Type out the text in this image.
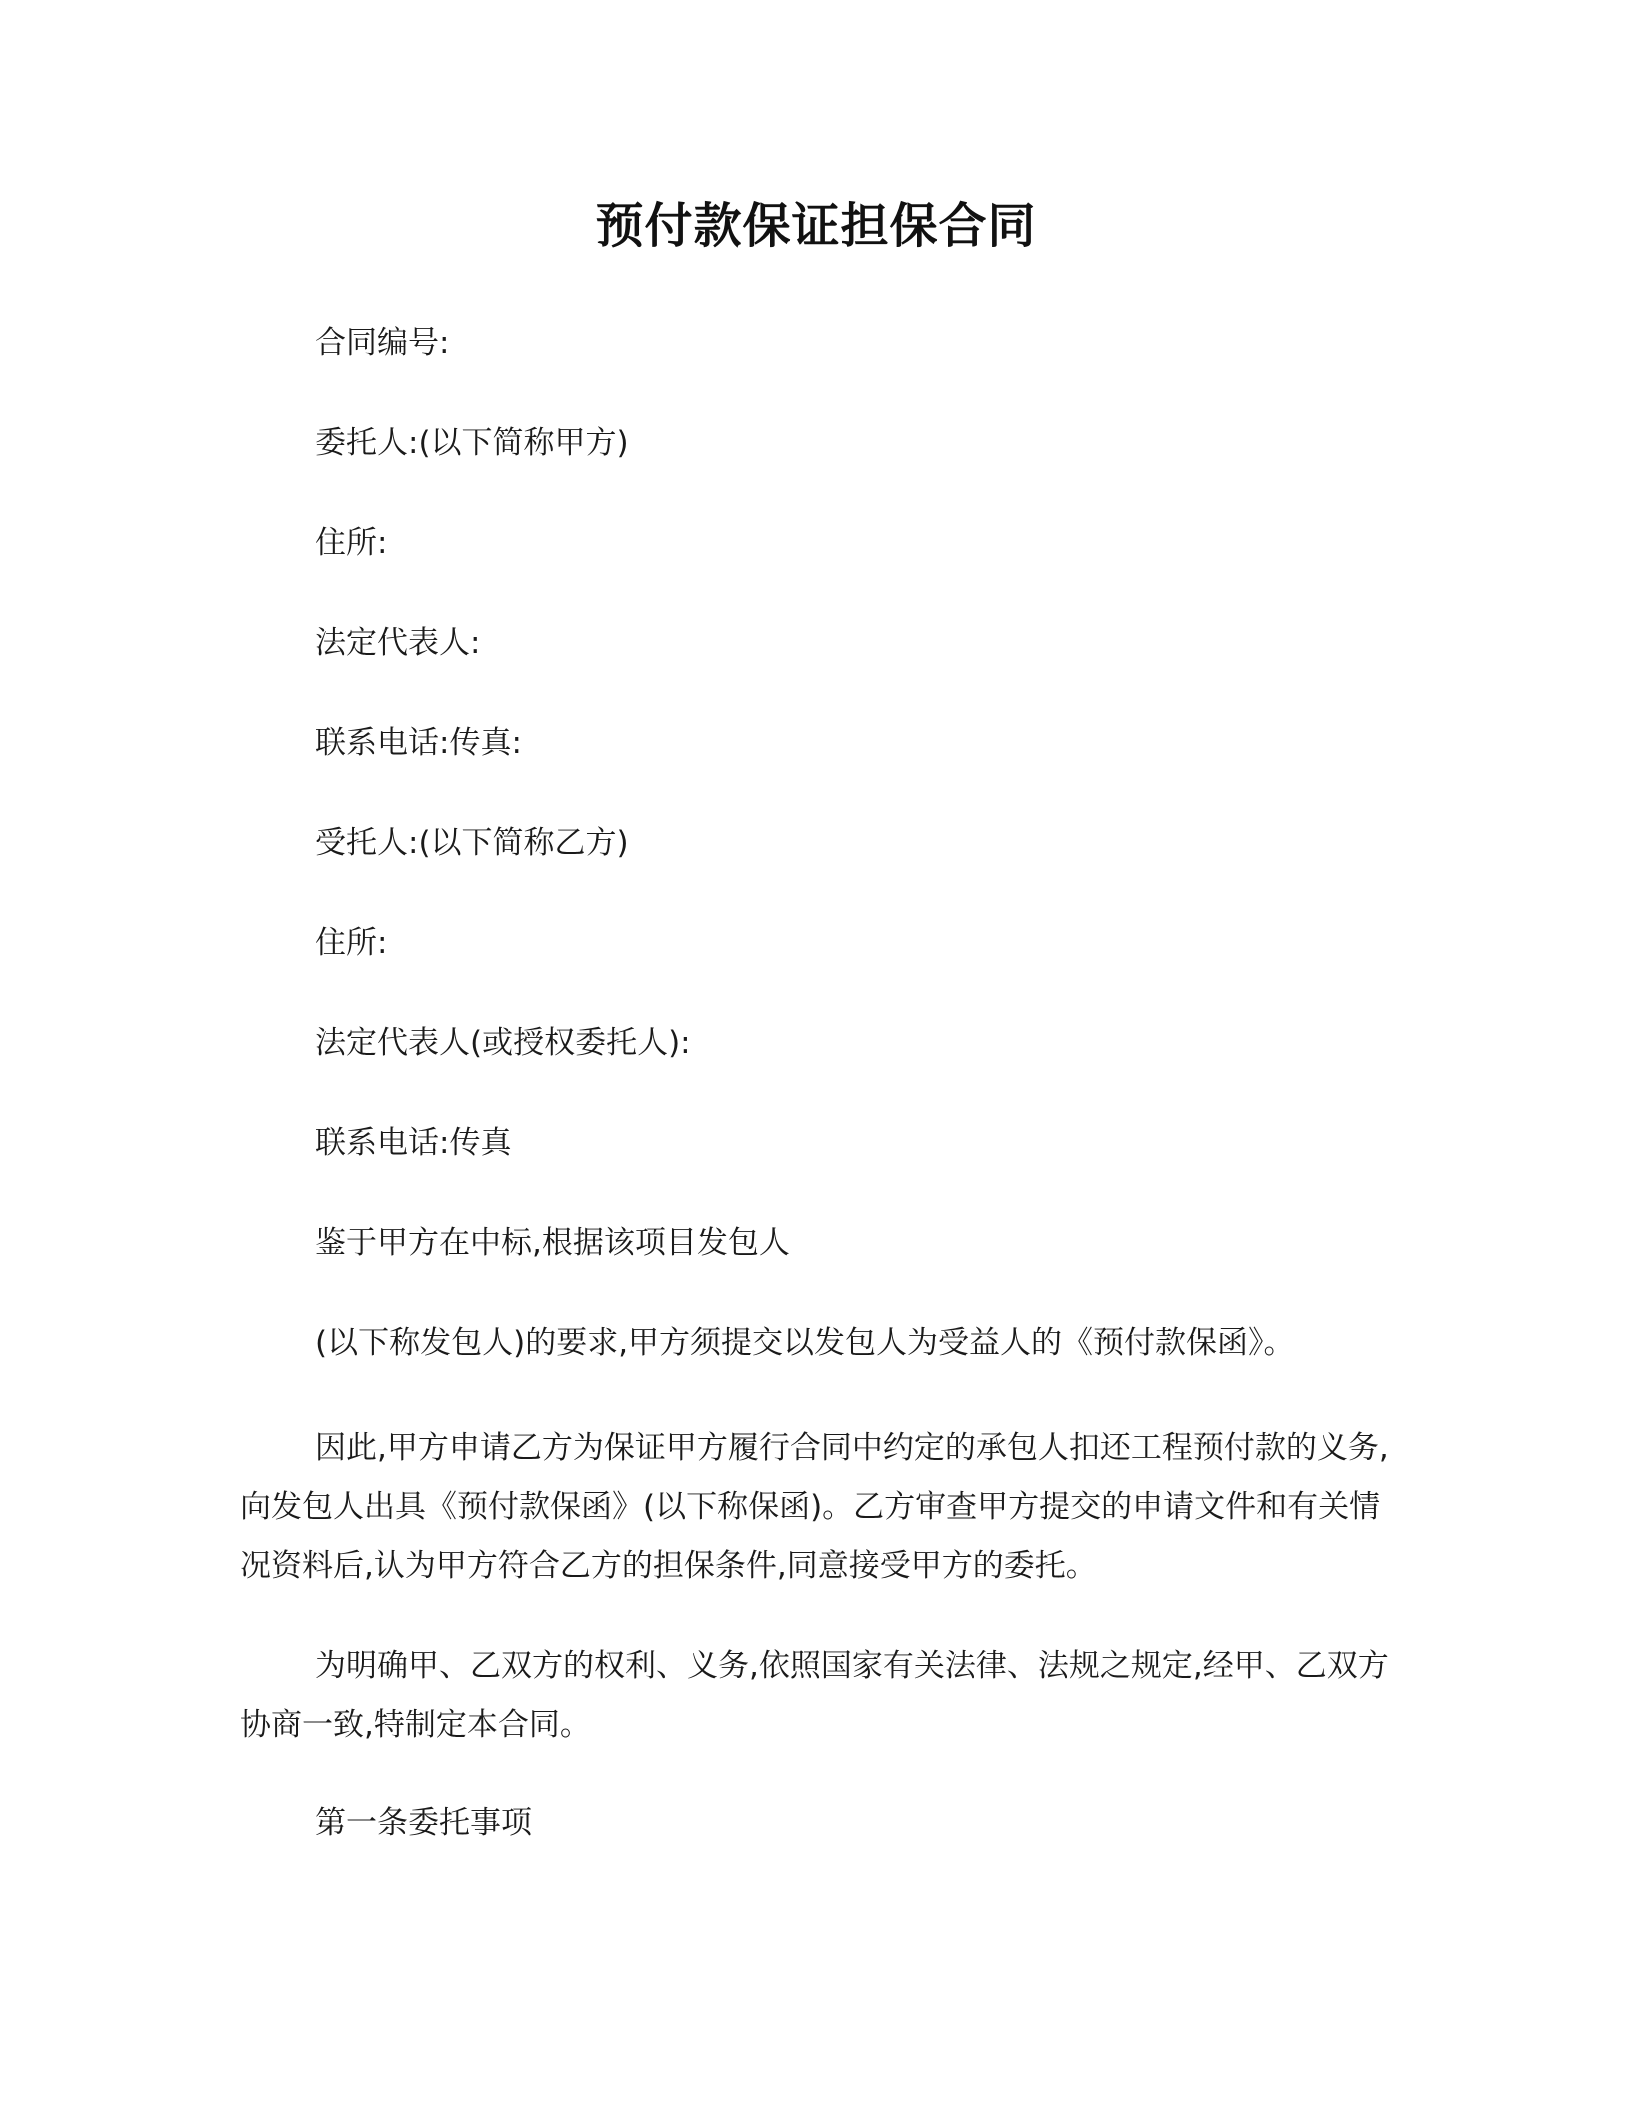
预付款保证担保合同
合同编号:
委托人:(以下简称甲方)
住所:
法定代表人:
联系电话:传真:
受托人:(以下简称乙方)
住所:
法定代表人(或授权委托人):
联系电话:传真
鉴于甲方在中标,根据该项目发包人
(以下称发包人)的要求,甲方须提交以发包人为受益人的《预付款保函》。

因此,甲方申请乙方为保证甲方履行合同中约定的承包人扣还工程预付款的义务,向发包人出具《预付款保函》(以下称保函)。乙方审查甲方提交的申请文件和有关情况资料后,认为甲方符合乙方的担保条件,同意接受甲方的委托。

为明确甲、乙双方的权利、义务,依照国家有关法律、法规之规定,经甲、乙双方协商一致,特制定本合同。

第一条委托事项
